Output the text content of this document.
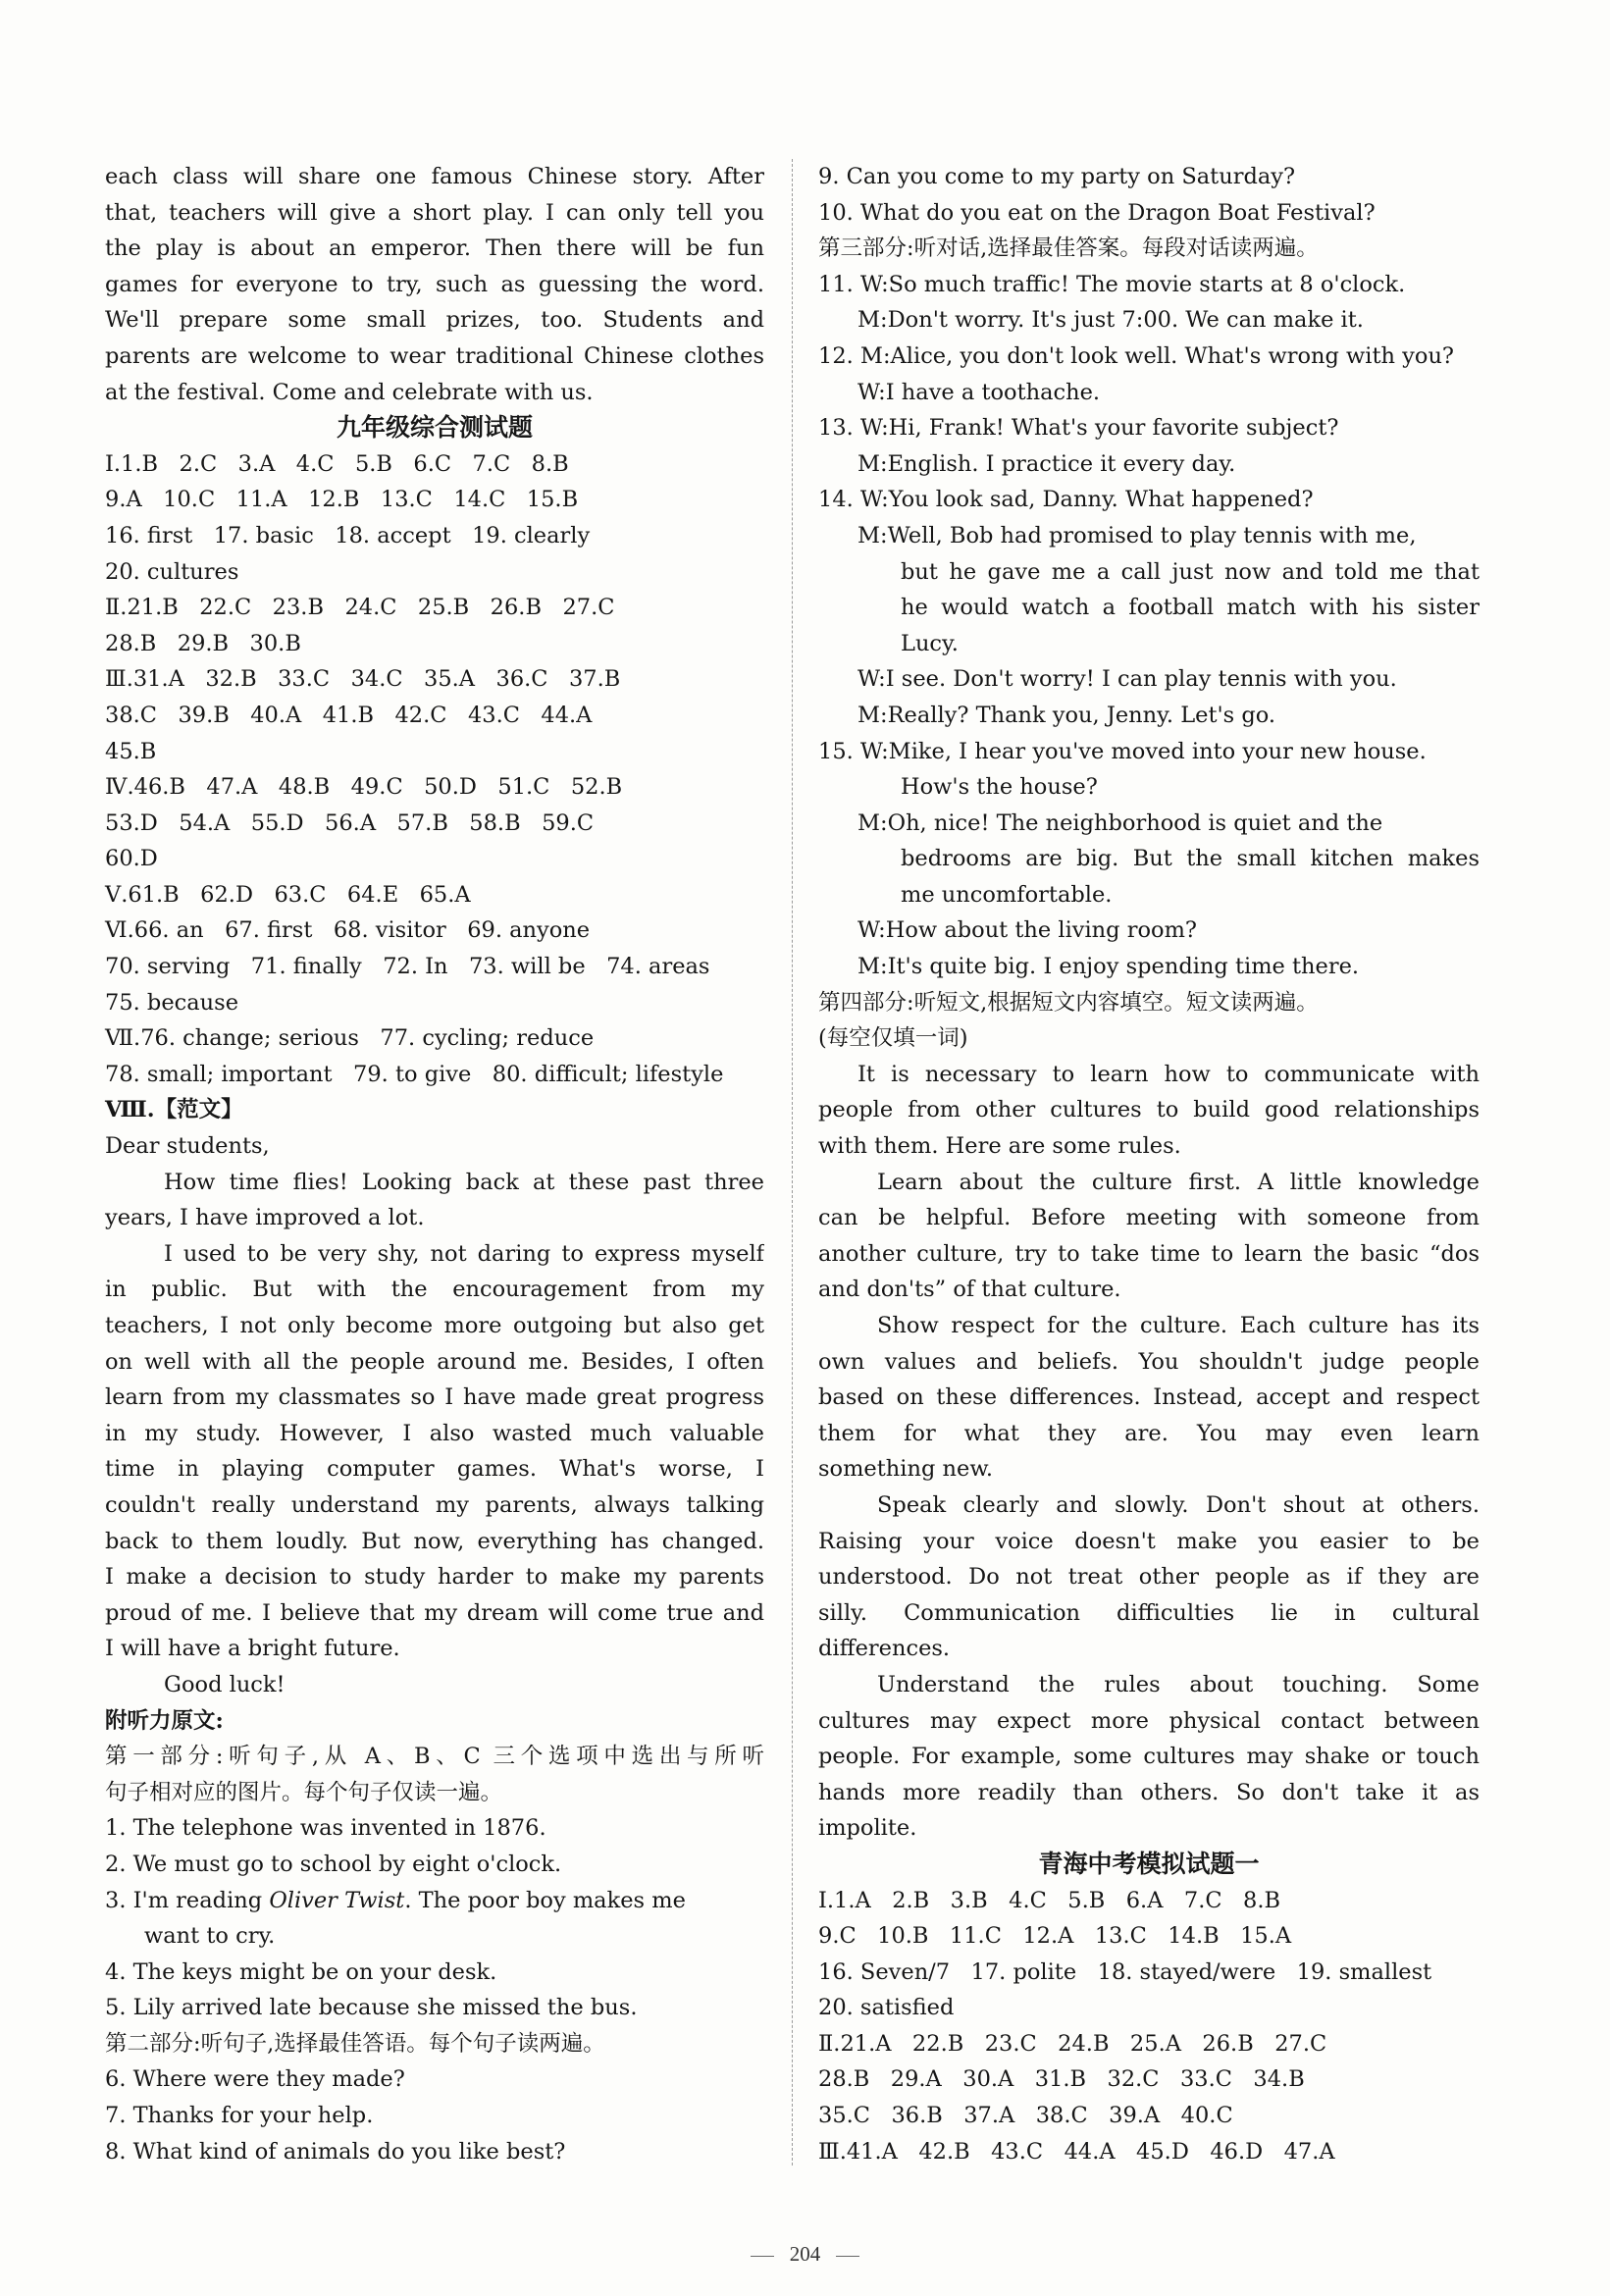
each class will share one famous Chinese story. After
that, teachers will give a short play. I can only tell you
the play is about an emperor. Then there will be fun
games for everyone to try, such as guessing the word.
We'll prepare some small prizes, too. Students and
parents are welcome to wear traditional Chinese clothes
at the festival. Come and celebrate with us.
九年级综合测试题
Ⅰ.1.B   2.C   3.A   4.C   5.B   6.C   7.C   8.B
9.A   10.C   11.A   12.B   13.C   14.C   15.B
16. first   17. basic   18. accept   19. clearly
20. cultures
Ⅱ.21.B   22.C   23.B   24.C   25.B   26.B   27.C
28.B   29.B   30.B
Ⅲ.31.A   32.B   33.C   34.C   35.A   36.C   37.B
38.C   39.B   40.A   41.B   42.C   43.C   44.A
45.B
Ⅳ.46.B   47.A   48.B   49.C   50.D   51.C   52.B
53.D   54.A   55.D   56.A   57.B   58.B   59.C
60.D
Ⅴ.61.B   62.D   63.C   64.E   65.A
Ⅵ.66. an   67. first   68. visitor   69. anyone
70. serving   71. finally   72. In   73. will be   74. areas
75. because
Ⅶ.76. change; serious   77. cycling; reduce
78. small; important   79. to give   80. difficult; lifestyle
Ⅷ.【范文】
Dear students,
How time flies! Looking back at these past three
years, I have improved a lot.
I used to be very shy, not daring to express myself
in public. But with the encouragement from my
teachers, I not only become more outgoing but also get
on well with all the people around me. Besides, I often
learn from my classmates so I have made great progress
in my study. However, I also wasted much valuable
time in playing computer games. What's worse, I
couldn't really understand my parents, always talking
back to them loudly. But now, everything has changed.
I make a decision to study harder to make my parents
proud of me. I believe that my dream will come true and
I will have a bright future.
Good luck!
附听力原文:
第一部分:听句子,从 A、B、C 三个选项中选出与所听
句子相对应的图片。每个句子仅读一遍。
1. The telephone was invented in 1876.
2. We must go to school by eight o'clock.
3. I'm reading Oliver Twist. The poor boy makes me
want to cry.
4. The keys might be on your desk.
5. Lily arrived late because she missed the bus.
第二部分:听句子,选择最佳答语。每个句子读两遍。
6. Where were they made?
7. Thanks for your help.
8. What kind of animals do you like best?
9. Can you come to my party on Saturday?
10. What do you eat on the Dragon Boat Festival?
第三部分:听对话,选择最佳答案。每段对话读两遍。
11. W:So much traffic! The movie starts at 8 o'clock.
M:Don't worry. It's just 7:00. We can make it.
12. M:Alice, you don't look well. What's wrong with you?
W:I have a toothache.
13. W:Hi, Frank! What's your favorite subject?
M:English. I practice it every day.
14. W:You look sad, Danny. What happened?
M:Well, Bob had promised to play tennis with me,
but he gave me a call just now and told me that
he would watch a football match with his sister
Lucy.
W:I see. Don't worry! I can play tennis with you.
M:Really? Thank you, Jenny. Let's go.
15. W:Mike, I hear you've moved into your new house.
How's the house?
M:Oh, nice! The neighborhood is quiet and the
bedrooms are big. But the small kitchen makes
me uncomfortable.
W:How about the living room?
M:It's quite big. I enjoy spending time there.
第四部分:听短文,根据短文内容填空。短文读两遍。
(每空仅填一词)
It is necessary to learn how to communicate with
people from other cultures to build good relationships
with them. Here are some rules.
Learn about the culture first. A little knowledge
can be helpful. Before meeting with someone from
another culture, try to take time to learn the basic “dos
and don'ts” of that culture.
Show respect for the culture. Each culture has its
own values and beliefs. You shouldn't judge people
based on these differences. Instead, accept and respect
them for what they are. You may even learn
something new.
Speak clearly and slowly. Don't shout at others.
Raising your voice doesn't make you easier to be
understood. Do not treat other people as if they are
silly. Communication difficulties lie in cultural
differences.
Understand the rules about touching. Some
cultures may expect more physical contact between
people. For example, some cultures may shake or touch
hands more readily than others. So don't take it as
impolite.
青海中考模拟试题一
Ⅰ.1.A   2.B   3.B   4.C   5.B   6.A   7.C   8.B
9.C   10.B   11.C   12.A   13.C   14.B   15.A
16. Seven/7   17. polite   18. stayed/were   19. smallest
20. satisfied
Ⅱ.21.A   22.B   23.C   24.B   25.A   26.B   27.C
28.B   29.A   30.A   31.B   32.C   33.C   34.B
35.C   36.B   37.A   38.C   39.A   40.C
Ⅲ.41.A   42.B   43.C   44.A   45.D   46.D   47.A
204
